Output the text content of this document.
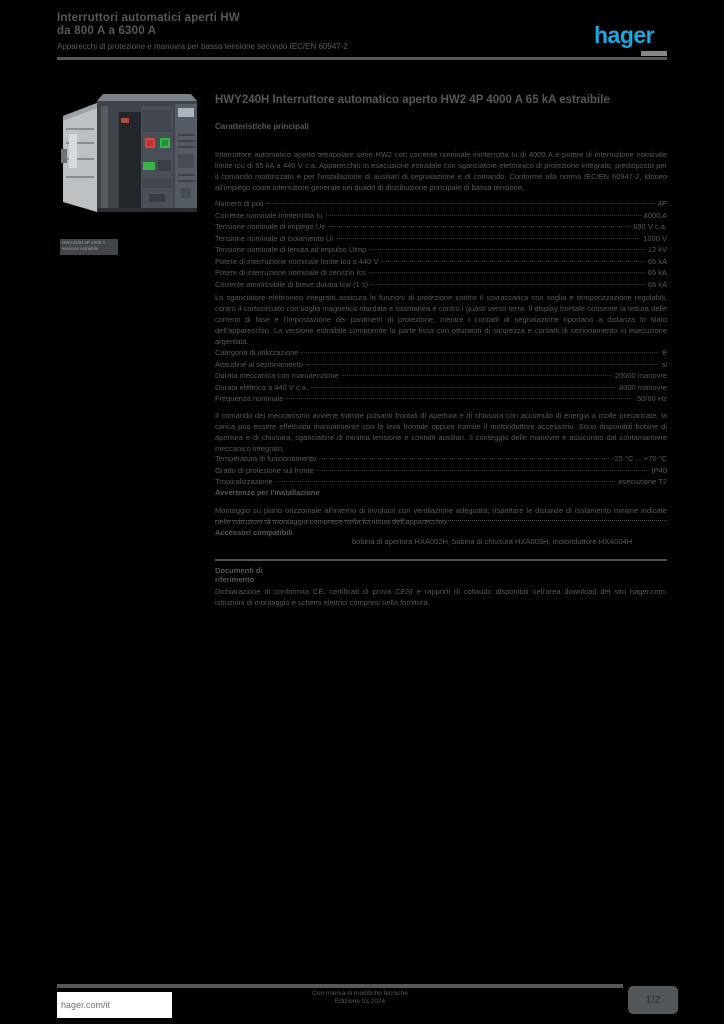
Interruttori automatici aperti HW
da 800 A a 6300 A
Apparecchi di protezione e manovra per bassa tensione secondo IEC/EN 60947-2	hager
HWY240H 4P 4000 A
versione estraibile
HWY240H Interruttore automatico aperto HW2 4P 4000 A 65 kA estraibile
Caratteristiche principali
Interruttore automatico aperto tetrapolare serie HW2 con corrente nominale ininterrotta Iu di 4000 A e potere di interruzione nominale limite Icu di 65 kA a 440 V c.a. Apparecchio in esecuzione estraibile con sganciatore elettronico di protezione integrato, predisposto per il comando motorizzato e per l'installazione di ausiliari di segnalazione e di comando. Conforme alla norma IEC/EN 60947-2, idoneo all'impiego come interruttore generale nei quadri di distribuzione principale di bassa tensione.
Numero di poli	4P
Corrente nominale ininterrotta Iu	4000 A
Tensione nominale di impiego Ue	690 V c.a.
Tensione nominale di isolamento Ui	1000 V
Tensione nominale di tenuta ad impulso Uimp	12 kV
Potere di interruzione nominale limite Icu a 440 V	65 kA
Potere di interruzione nominale di servizio Ics	65 kA
Corrente ammissibile di breve durata Icw (1 s)	65 kA
Lo sganciatore elettronico integrato assicura le funzioni di protezione contro il sovraccarico con soglia e temporizzazione regolabili, contro il cortocircuito con soglia magnetica ritardata e istantanea e contro i guasti verso terra. Il display frontale consente la lettura delle correnti di fase e l'impostazione dei parametri di protezione, mentre i contatti di segnalazione riportano a distanza lo stato dell'apparecchio. La versione estraibile comprende la parte fissa con otturatori di sicurezza e contatti di sezionamento in esecuzione argentata.
Categoria di utilizzazione	B
Attitudine al sezionamento	si
Durata meccanica con manutenzione	20000 manovre
Durata elettrica a 440 V c.a.	8000 manovre
Frequenza nominale	50/60 Hz
Il comando del meccanismo avviene tramite pulsanti frontali di apertura e di chiusura con accumulo di energia a molle precaricate; la carica puo essere effettuata manualmente con la leva frontale oppure tramite il motoriduttore accessorio. Sono disponibili bobine di apertura e di chiusura, sganciatore di minima tensione e contatti ausiliari. Il conteggio delle manovre e assicurato dal contamanovre meccanico integrato.
Temperatura di funzionamento	-25 °C ... +70 °C
Grado di protezione sul fronte	IP40
Tropicalizzazione	esecuzione T2
Avvertenze per l'installazione
Montaggio su piano orizzontale all'interno di involucri con ventilazione adeguata; rispettare le distanze di isolamento minime indicate nelle istruzioni di montaggio comprese nella fornitura dell'apparecchio.
Accessori compatibili
bobina di apertura HXA002H, bobina di chiusura HXA003H, motoriduttore HXA004H
Documenti di riferimento
Dichiarazione di conformita CE, certificati di prova CESI e rapporti di collaudo disponibili nell'area download del sito hager.com; istruzioni di montaggio e schemi elettrici compresi nella fornitura.
hager.com/it
Con riserva di modifiche tecniche
Edizione 03.2024	1/2
